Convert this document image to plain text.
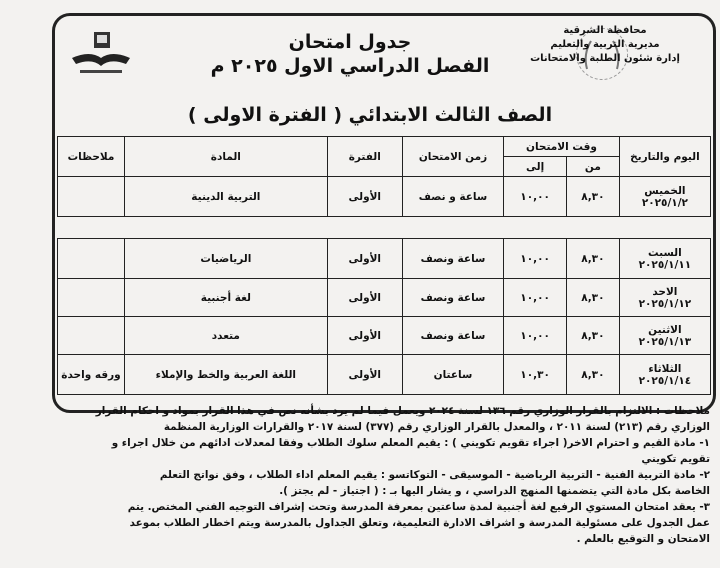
محافظة الشرقية
مديرية التربية والتعليم
إدارة شئون الطلبة والامتحانات
جدول امتحان
الفصل الدراسي الاول ٢٠٢٥ م
الصف الثالث الابتدائي ( الفترة الاولى )
اليوم والتاريخ	وقت الامتحان		زمن الامتحان	الفترة	المادة	ملاحظات
	من	إلى				

الخميس
٢٠٢٥/١/٢	٨,٣٠	١٠,٠٠	ساعة و نصف	الأولى	التربية الدينية	
السبت
٢٠٢٥/١/١١	٨,٣٠	١٠,٠٠	ساعة ونصف	الأولى	الرياضيات	

الاحد
٢٠٢٥/١/١٢	٨,٣٠	١٠,٠٠	ساعة ونصف	الأولى	لغة أجنبية	

الاثنين
٢٠٢٥/١/١٣	٨,٣٠	١٠,٠٠	ساعة ونصف	الأولى	متعدد	

الثلاثاء
٢٠٢٥/١/١٤	٨,٣٠	١٠,٣٠	ساعتان	الأولى	اللغة العربية والخط والإملاء	ورقه واحدة

ملاحظات : الالتزام بالقرار الوزاري رقم ١٣٦ لسنة ٢٠٢٤ ويعمل فيما لم يرد بشأنه نص في هذا القرار بمواد و احكام القرار

الوزاري رقم (٢١٣) لسنة ٢٠١١ ، والمعدل بالقرار الوزاري رقم (٣٧٧) لسنة ٢٠١٧ والقرارات الوزارية المنظمة

١- مادة القيم و احترام الاخر( اجراء تقويم تكويني ) : يقيم المعلم سلوك الطلاب وفقا لمعدلات ادائهم من خلال اجراء و

تقويم تكويني

٢- مادة التربية الفنية - التربية الرياضية - الموسيقى - التوكاتسو : يقيم المعلم اداء الطلاب ، وفق نواتج التعلم

الخاصة بكل مادة التي يتضمنها المنهج الدراسي ، و يشار اليها بـ : ( اجتياز - لم يجتز ).

٣- يعقد امتحان المستوي الرفيع لغة أجنبية لمدة ساعتين بمعرفة المدرسة وتحت إشراف التوجيه الفني المختص. يتم

عمل الجدول على مسئولية المدرسة و اشراف الادارة التعليمية، وتعلق الجداول بالمدرسة ويتم اخطار الطلاب بموعد

الامتحان و التوقيع بالعلم .
